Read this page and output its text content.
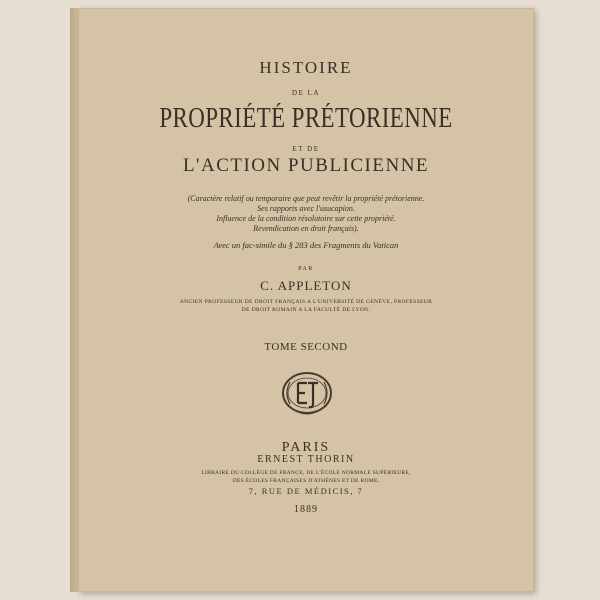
HISTOIRE
DE LA
PROPRIÉTÉ PRÉTORIENNE
ET DE
L'ACTION PUBLICIENNE
(Caractère relatif ou temporaire que peut revêtir la propriété prétorienne.
Ses rapports avec l'usucapion.
Influence de la condition résolutoire sur cette propriété.
Revendication en droit français).
Avec un fac-simile du § 283 des Fragments du Vatican
PAR
C. APPLETON
ANCIEN PROFESSEUR DE DROIT FRANÇAIS A L'UNIVERSITÉ DE GENÈVE, PROFESSEUR
DE DROIT ROMAIN A LA FACULTÉ DE LYON.
TOME SECOND
PARIS
ERNEST THORIN
LIBRAIRE DU COLLÈGE DE FRANCE, DE L'ÉCOLE NORMALE SUPÉRIEURE,
DES ÉCOLES FRANÇAISES D'ATHÈNES ET DE ROME,
7, RUE DE MÉDICIS, 7
1889
